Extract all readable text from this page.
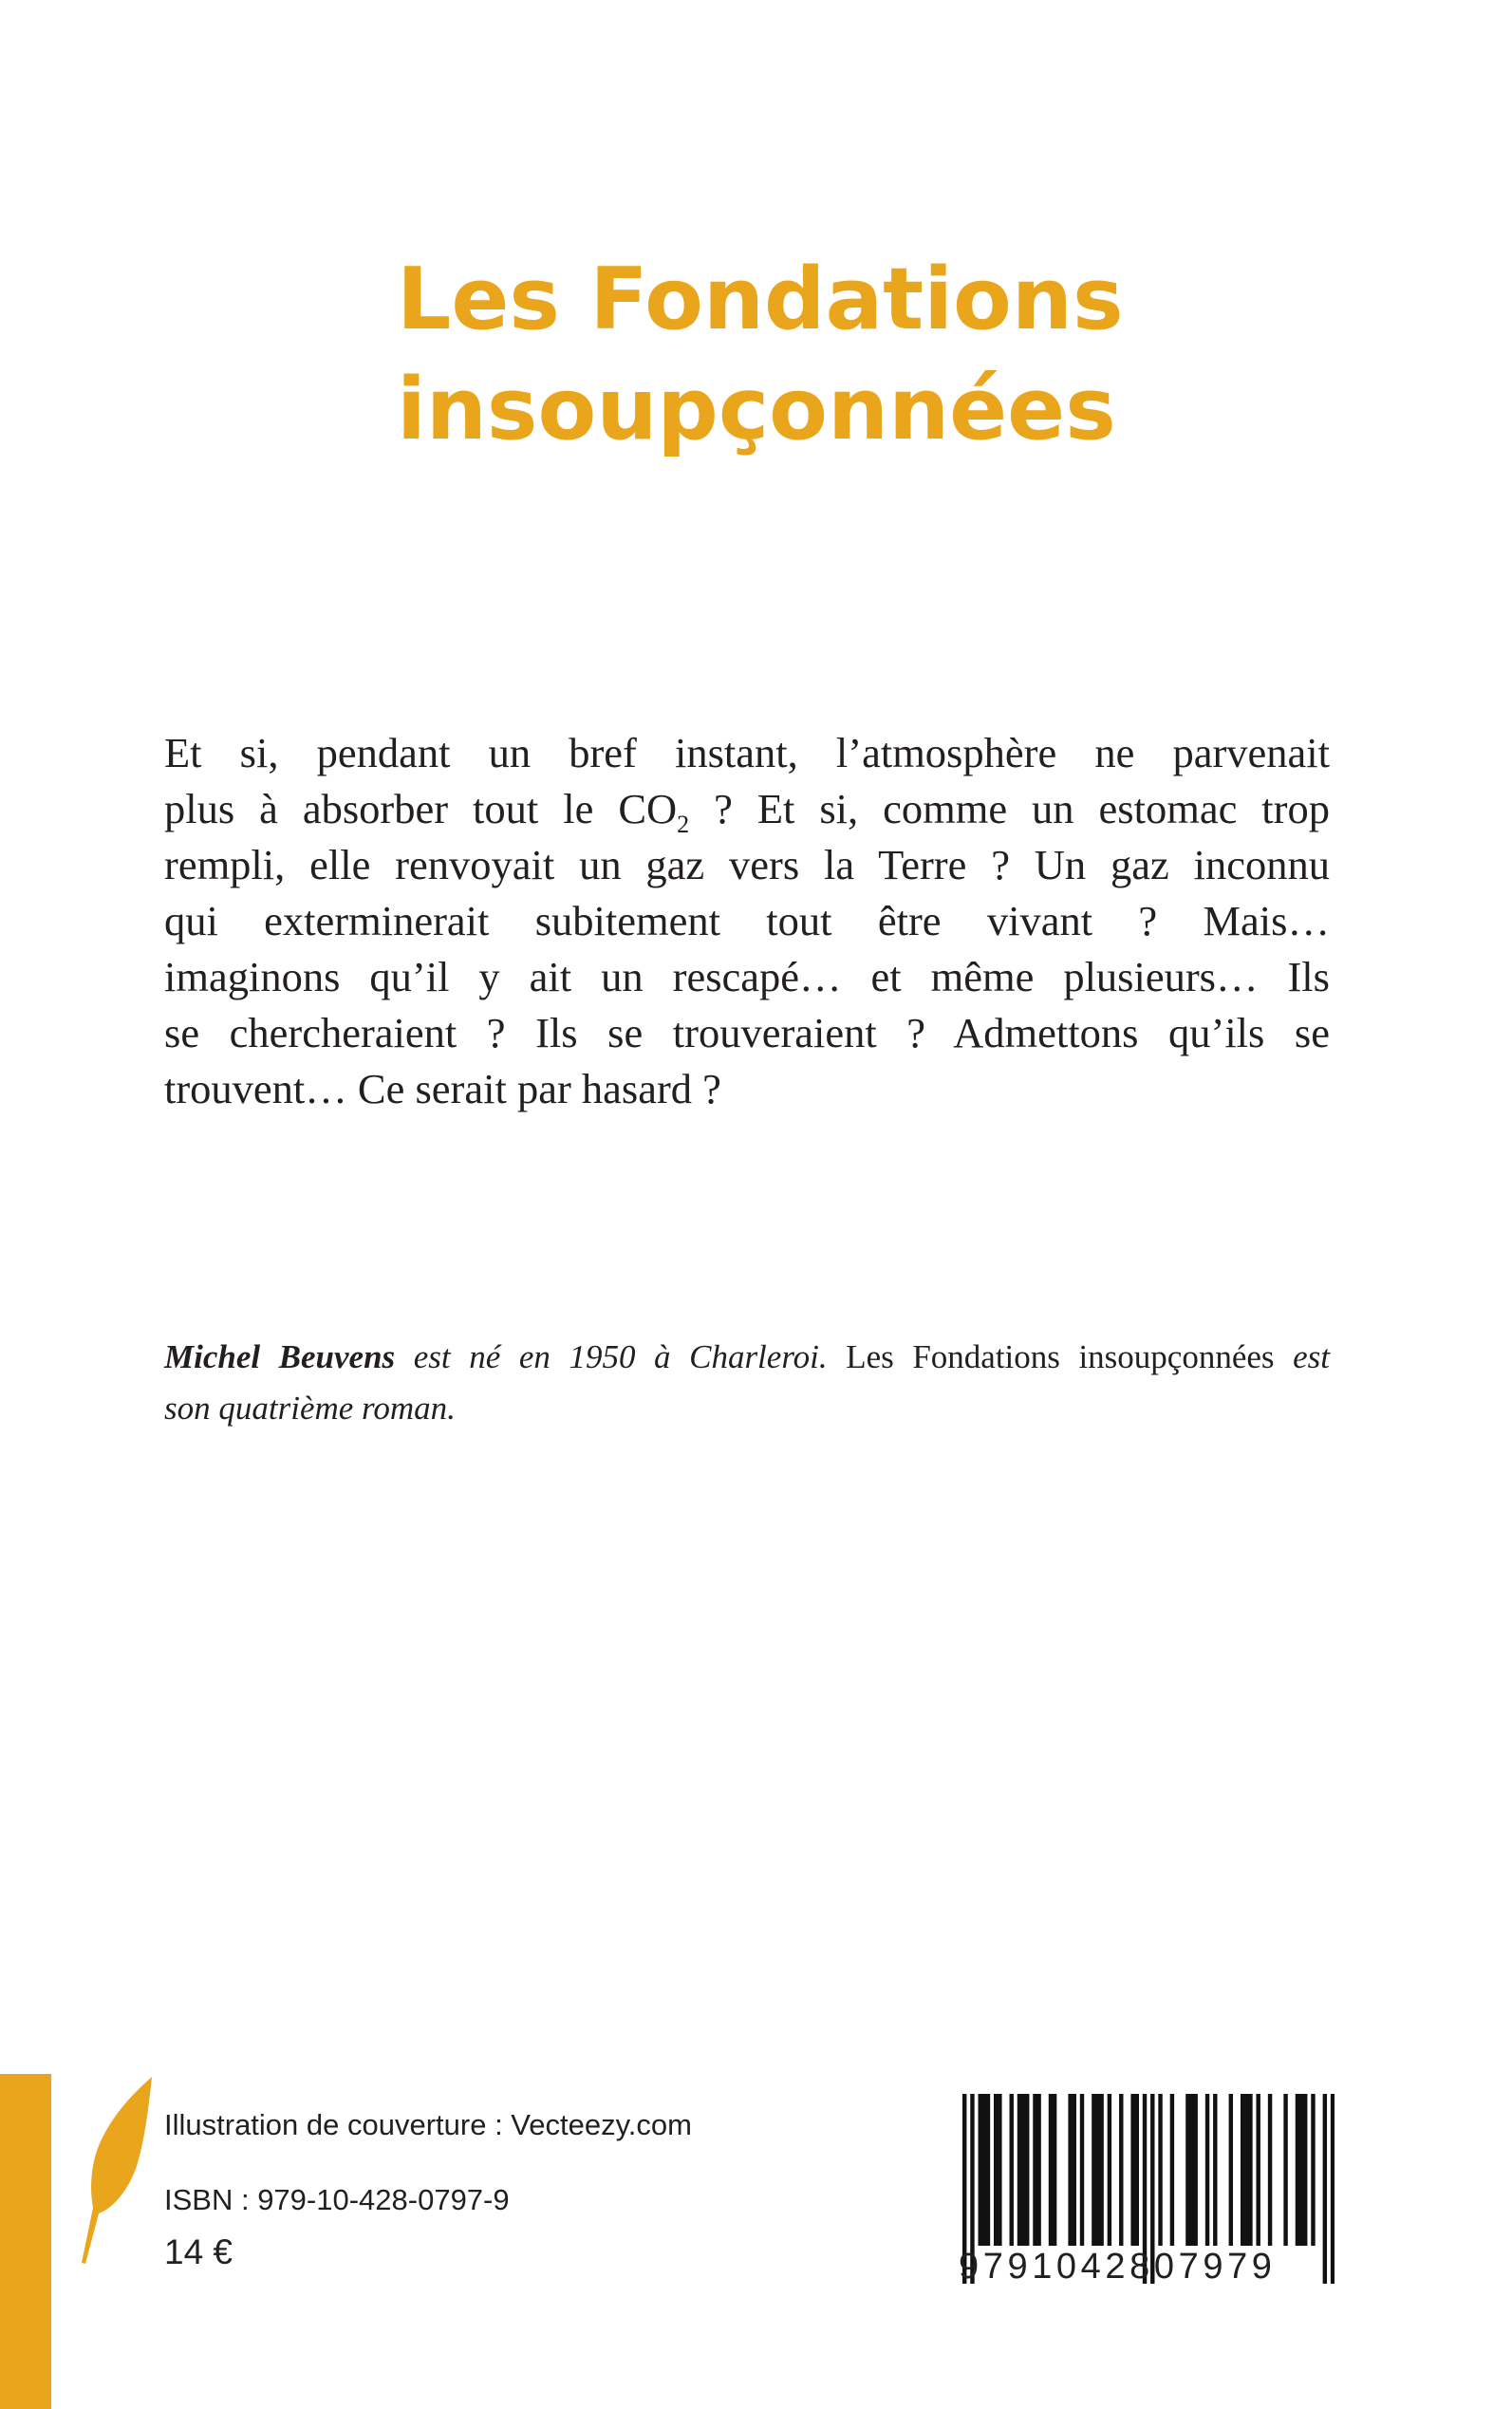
Les Fondations
insoupçonnées
Et si, pendant un bref instant, l’atmosphère ne parvenait
plus à absorber tout le $CO_2$ ? Et si, comme un estomac trop
rempli, elle renvoyait un gaz vers la Terre ? Un gaz inconnu
qui exterminerait subitement tout être vivant ? Mais…
imaginons qu’il y ait un rescapé… et même plusieurs… Ils
se chercheraient ? Ils se trouveraient ? Admettons qu’ils se
trouvent… Ce serait par hasard ?
Michel Beuvens est né en 1950 à Charleroi. Les Fondations insoupçonnées est
son quatrième roman.
Illustration de couverture : Vecteezy.com
ISBN : 979-10-428-0797-9
14 €	9791042807979
